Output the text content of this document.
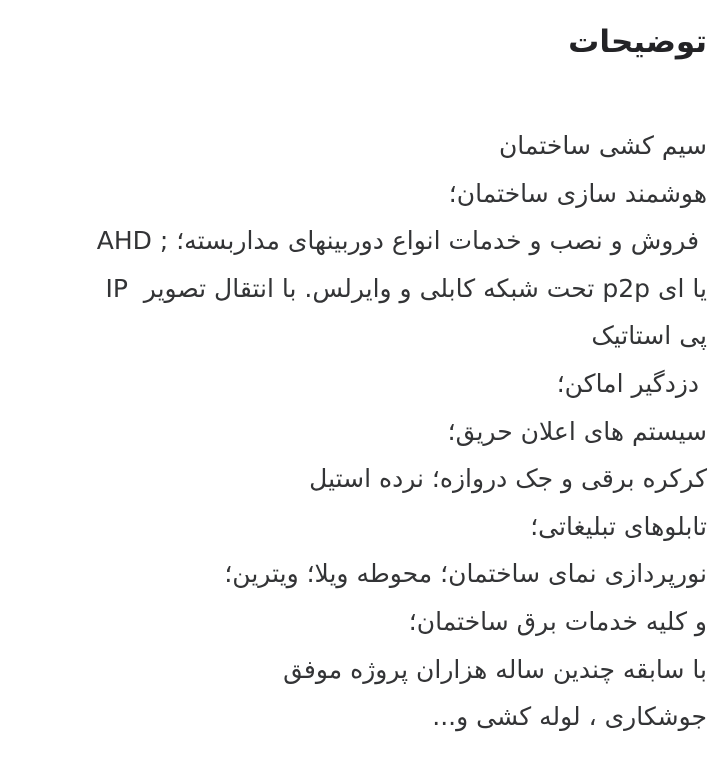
توضیحات
سیم کشی ساختمان
هوشمند سازی ساختمان؛
فروش و نصب و خدمات انواع دوربینهای مداربسته؛ ; AHD
IP  تحت شبکه کابلی و وایرلس. با انتقال تصویر p2p یا ای
پی استاتیک
دزدگیر اماکن؛
سیستم های اعلان حریق؛
کرکره برقی و جک دروازه؛ نرده استیل
تابلوهای تبلیغاتی؛
نورپردازی نمای ساختمان؛ محوطه ویلا؛ ویترین؛
و کلیه خدمات برق ساختمان؛
با سابقه چندین ساله هزاران پروژه موفق
جوشکاری ، لوله کشی و...
